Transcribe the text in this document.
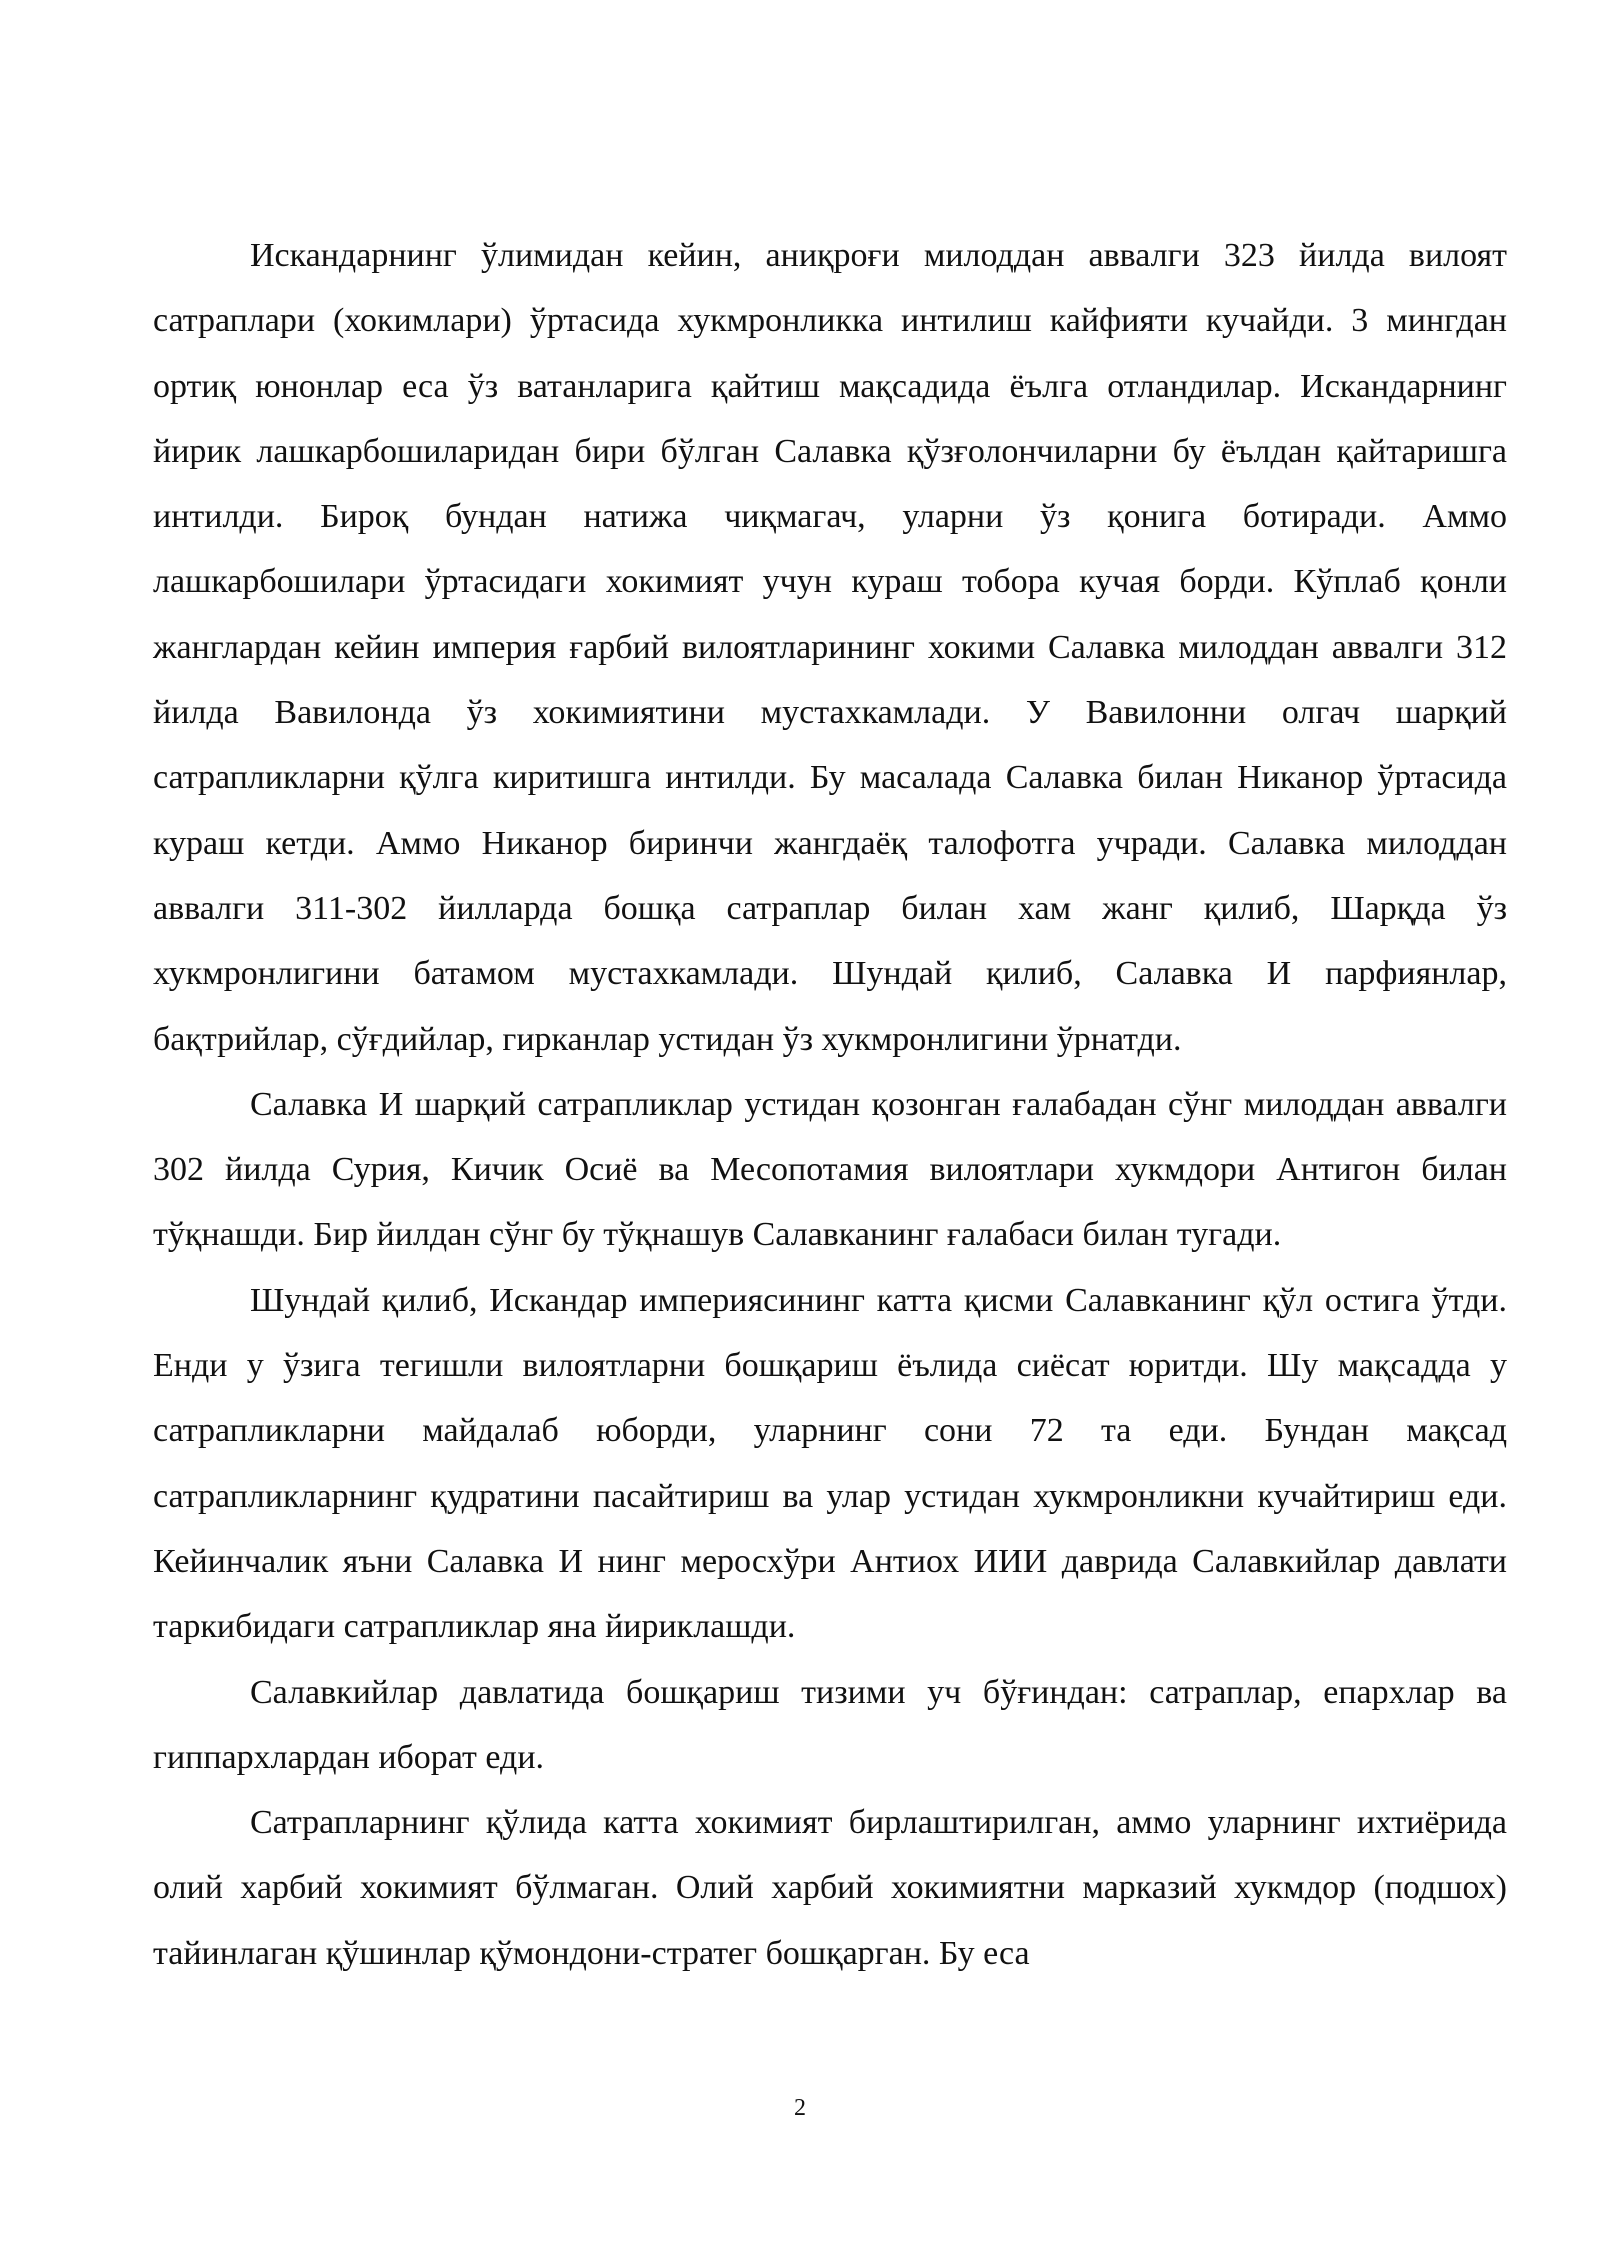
Искандарнинг ўлимидан кейин, аниқроғи милоддан аввалги 323 йилда вилоят сатраплари (хокимлари) ўртасида хукмронликка интилиш кайфияти кучайди. 3 мингдан ортиқ юнонлар еса ўз ватанларига қайтиш мақсадида ёълга отландилар. Искандарнинг йирик лашкарбошиларидан бири бўлган Салавка қўзғолончиларни бу ёълдан қайтаришга интилди. Бироқ бундан натижа чиқмагач, уларни ўз қонига ботиради. Аммо лашкарбошилари ўртасидаги хокимият учун кураш тобора кучая борди. Кўплаб қонли жанглардан кейин империя ғарбий вилоятларининг хокими Салавка милоддан аввалги 312 йилда Вавилонда ўз хокимиятини мустахкамлади. У Вавилонни олгач шарқий сатрапликларни қўлга киритишга интилди. Бу масалада Салавка билан Никанор ўртасида кураш кетди. Аммо Никанор биринчи жангдаёқ талофотга учради. Салавка милоддан аввалги 311-302 йилларда бошқа сатраплар билан хам жанг қилиб, Шарқда ўз хукмронлигини батамом мустахкамлади. Шундай қилиб, Салавка И парфиянлар, бақтрийлар, сўғдийлар, гирканлар устидан ўз хукмронлигини ўрнатди.

Салавка И шарқий сатрапликлар устидан қозонган ғалабадан сўнг милоддан аввалги 302 йилда Сурия, Кичик Осиё ва Месопотамия вилоятлари хукмдори Антигон билан тўқнашди. Бир йилдан сўнг бу тўқнашув Салавканинг ғалабаси билан тугади.

Шундай қилиб, Искандар империясининг катта қисми Салавканинг қўл остига ўтди. Енди у ўзига тегишли вилоятларни бошқариш ёълида сиёсат юритди. Шу мақсадда у сатрапликларни майдалаб юборди, уларнинг сони 72 та еди. Бундан мақсад сатрапликларнинг қудратини пасайтириш ва улар устидан хукмронликни кучайтириш еди. Кейинчалик яъни Салавка И нинг меросхўри Антиох ИИИ даврида Салавкийлар давлати таркибидаги сатрапликлар яна йириклашди.

Салавкийлар давлатида бошқариш тизими уч бўғиндан: сатраплар, епархлар ва гиппархлардан иборат еди.

Сатрапларнинг қўлида катта хокимият бирлаштирилган, аммо уларнинг ихтиёрида олий харбий хокимият бўлмаган. Олий харбий хокимиятни марказий хукмдор (подшох) тайинлаган қўшинлар қўмондони-стратег бошқарган. Бу еса

2
